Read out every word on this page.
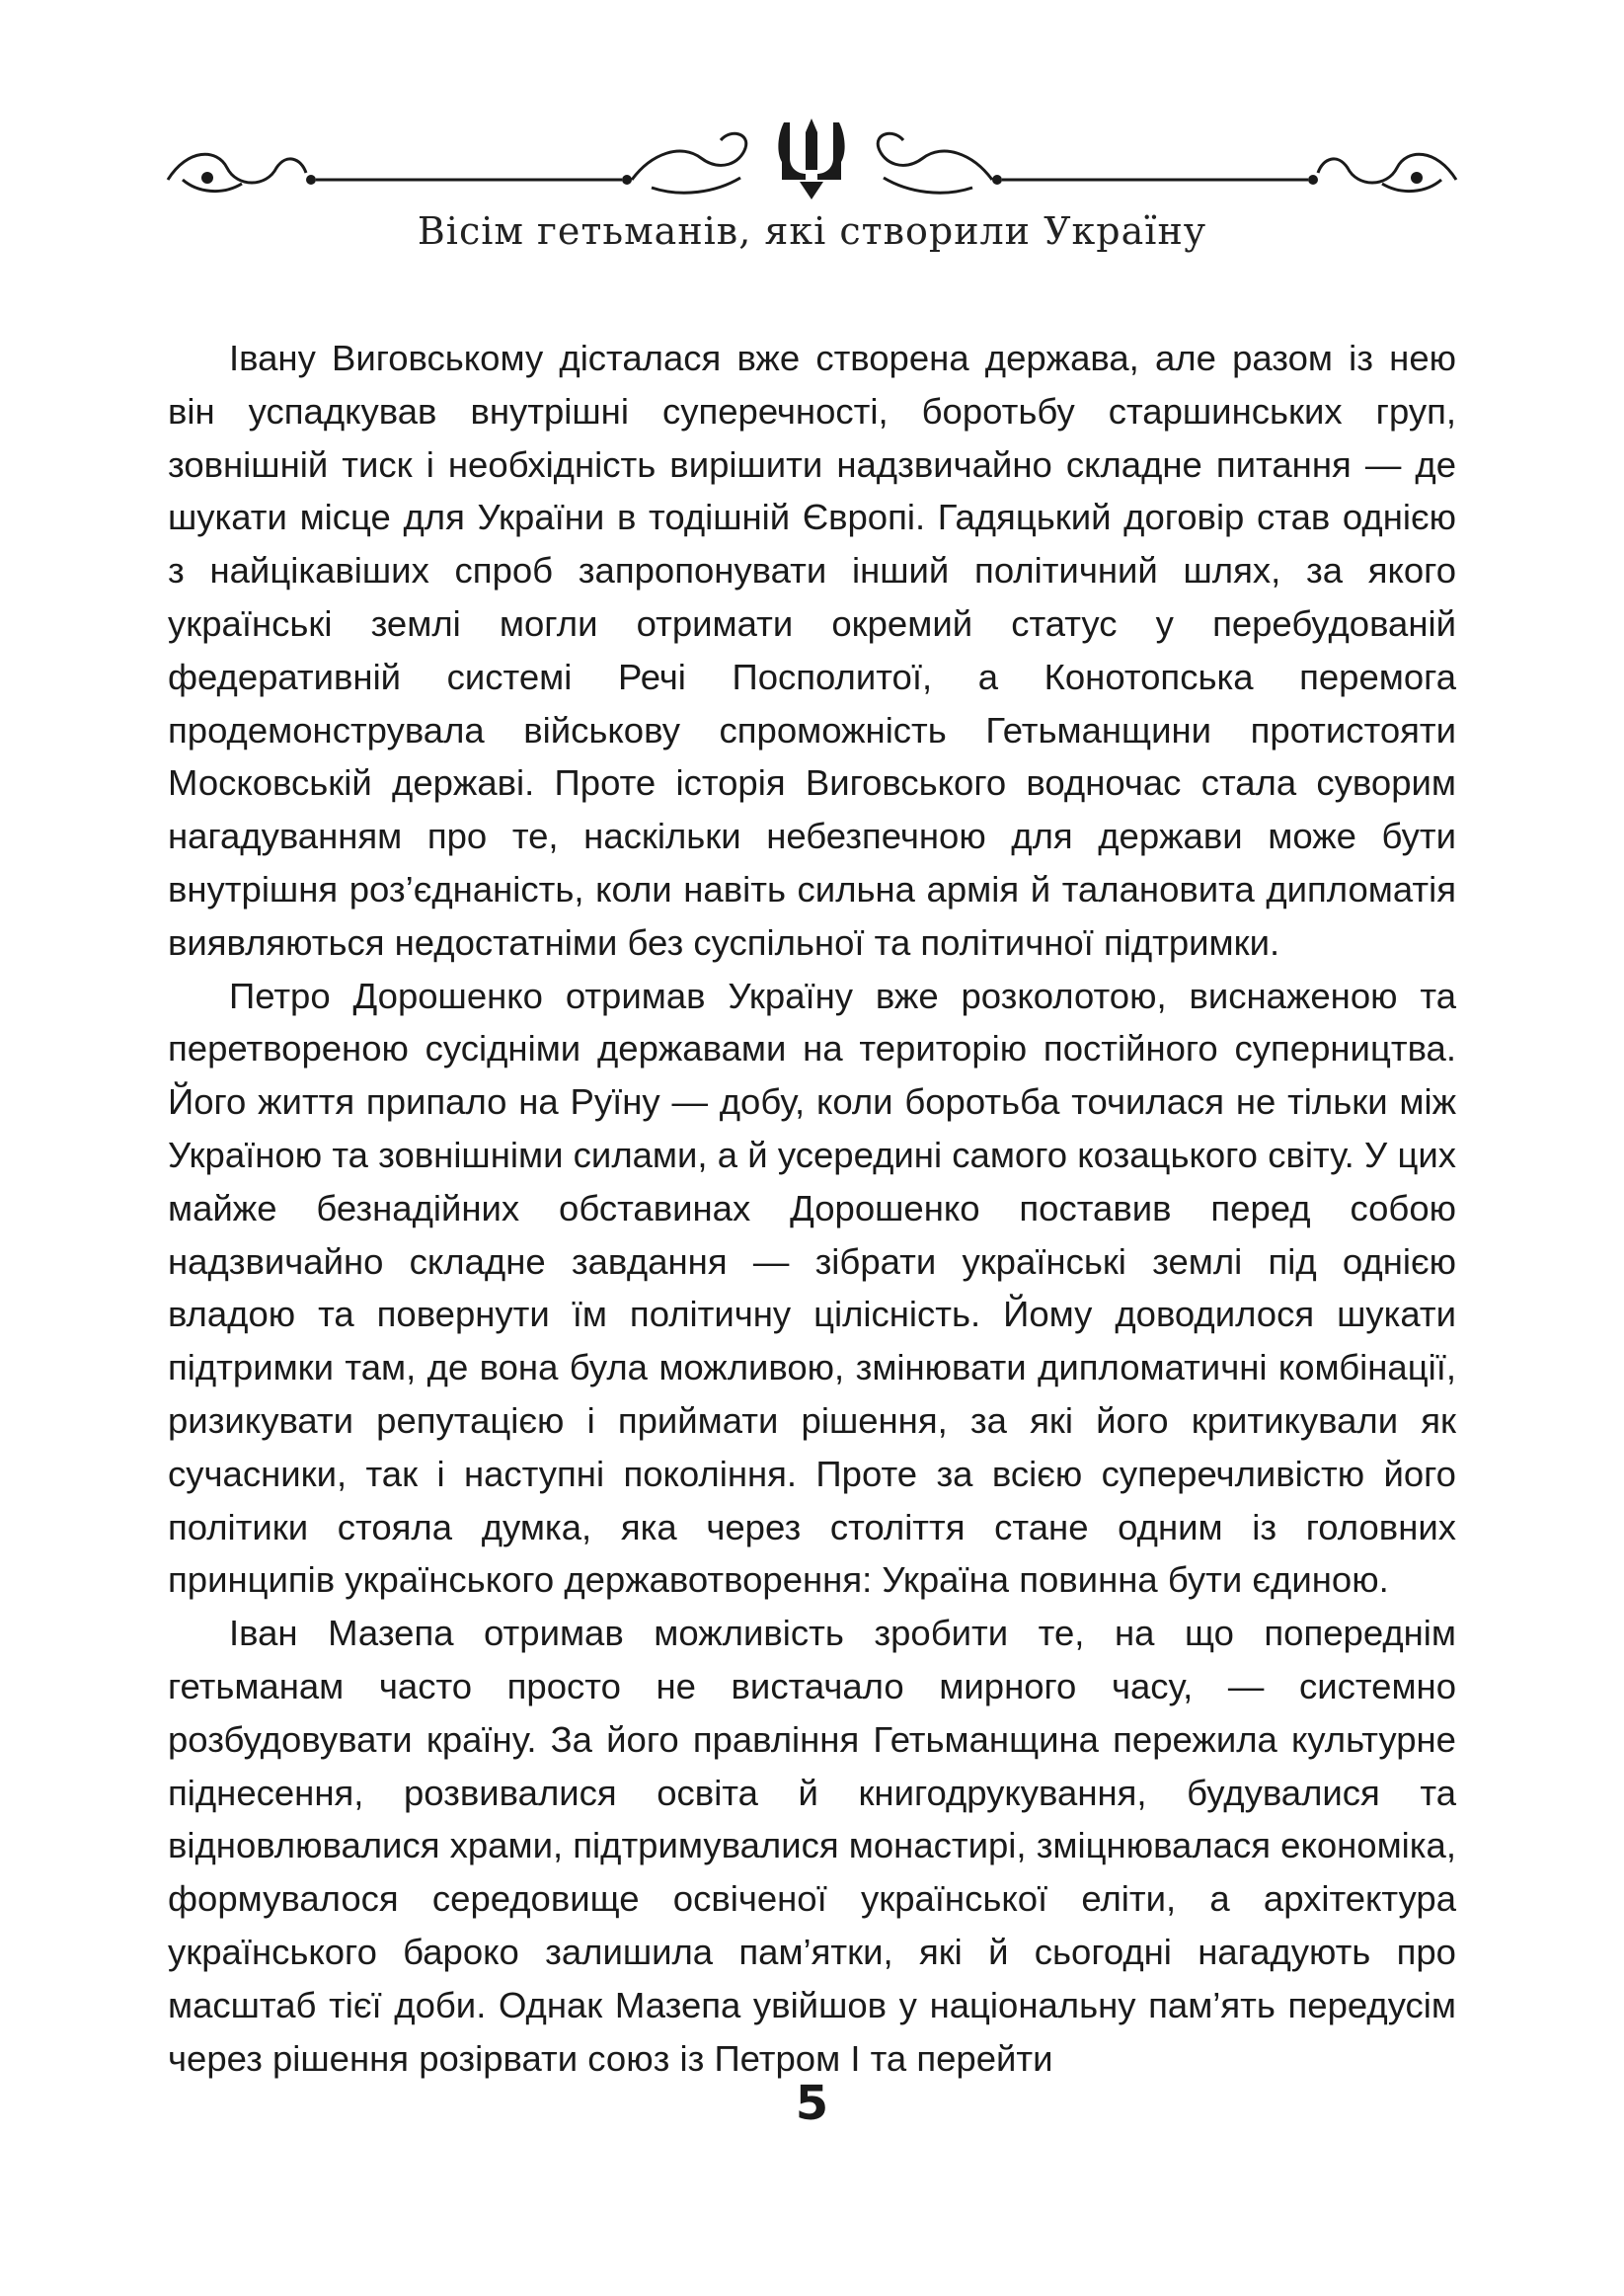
Вісім гетьманів, які створили Україну

Івану Виговському дісталася вже створена держава, але разом із нею він успадкував внутрішні суперечності, боротьбу старшинських груп, зовнішній тиск і необхідність вирішити надзвичайно складне питання — де шукати місце для України в тодішній Європі. Гадяцький договір став однією з найцікавіших спроб запропонувати інший політичний шлях, за якого українські землі могли отримати окремий статус у перебудованій федеративній системі Речі Посполитої, а Конотопська перемога продемонструвала військову спроможність Гетьманщини протистояти Московській державі. Проте історія Виговського водночас стала суворим нагадуванням про те, наскільки небезпечною для держави може бути внутрішня роз’єднаність, коли навіть сильна армія й талановита дипломатія виявляються недостатніми без суспільної та політичної підтримки.

Петро Дорошенко отримав Україну вже розколотою, виснаженою та перетвореною сусідніми державами на територію постійного суперництва. Його життя припало на Руїну — добу, коли боротьба точилася не тільки між Україною та зовнішніми силами, а й усередині самого козацького світу. У цих майже безнадійних обставинах Дорошенко поставив перед собою надзвичайно складне завдання — зібрати українські землі під однією владою та повернути їм політичну цілісність. Йому доводилося шукати підтримки там, де вона була можливою, змінювати дипломатичні комбінації, ризикувати репутацією і приймати рішення, за які його критикували як сучасники, так і наступні покоління. Проте за всією суперечливістю його політики стояла думка, яка через століття стане одним із головних принципів українського державотворення: Україна повинна бути єдиною.

Іван Мазепа отримав можливість зробити те, на що попереднім гетьманам часто просто не вистачало мирного часу, — системно розбудовувати країну. За його правління Гетьманщина пережила культурне піднесення, розвивалися освіта й книгодрукування, будувалися та відновлювалися храми, підтримувалися монастирі, зміцнювалася економіка, формувалося середовище освіченої української еліти, а архітектура українського бароко залишила пам’ятки, які й сьогодні нагадують про масштаб тієї доби. Однак Мазепа увійшов у національну пам’ять передусім через рішення розірвати союз із Петром І та перейти

5
